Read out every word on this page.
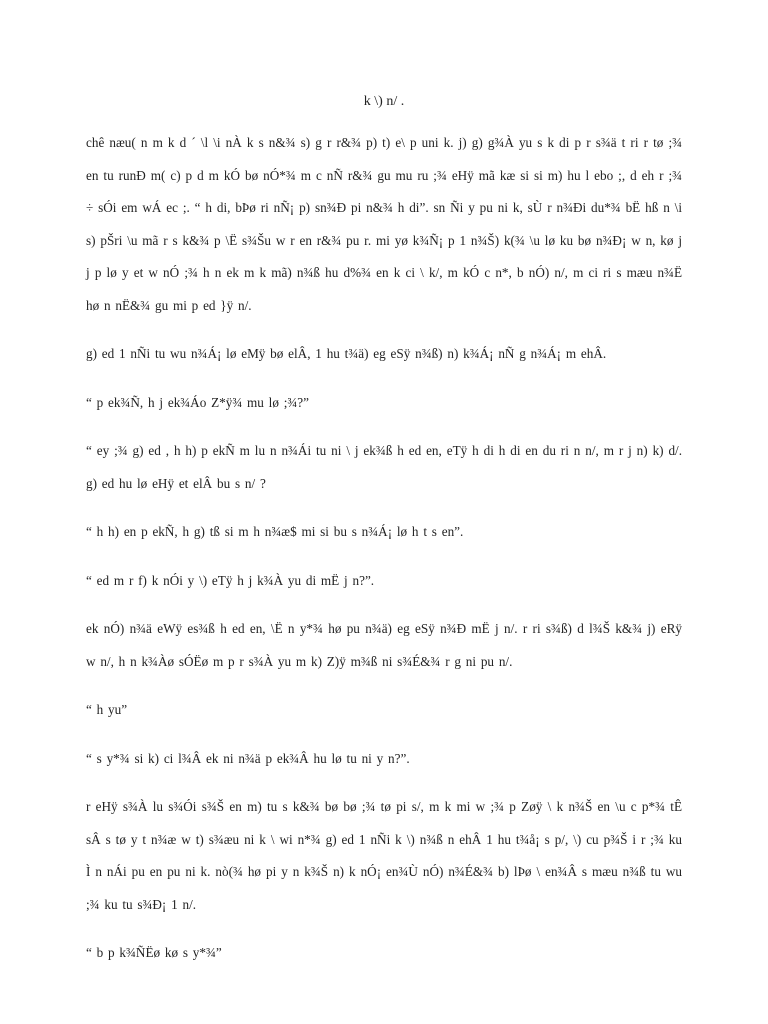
k \) n/ .

chê næu( n m k d ´ \l \i nÀ k s n&¾ s) g r r&¾ p) t) e\ p uni k. j) g) g¾À yu s k di p r s¾ä t ri r tø ;¾ en tu runÐ m( c) p d m kÓ bø nÓ*¾ m c nÑ r&¾ gu mu ru ;¾ eHÿ mã kæ si si m) hu l ebo ;, d eh r ;¾ ÷ sÓi em wÁ ec ;. “ h di, bÞø ri nÑ¡ p) sn¾Ð pi n&¾ h di”. sn Ñi y pu ni k, sÙ r n¾Ði du*¾ bË hß n \i s) pŠri \u mã r s k&¾ p \Ë s¾Šu w r en r&¾ pu r. mi yø k¾Ñ¡ p 1 n¾Š) k(¾ \u lø ku bø n¾Ð¡ w n, kø j j p lø y et w nÓ ;¾ h n ek m k mã) n¾ß hu d%¾ en k ci \ k/, m kÓ c n*, b nÓ) n/, m ci ri s mæu n¾Ë hø n nË&¾ gu mi p ed }ÿ n/.

g) ed 1 nÑi tu wu n¾Á¡ lø eMÿ bø elÂ, 1 hu t¾ä) eg eSÿ n¾ß) n) k¾Á¡ nÑ g n¾Á¡ m ehÂ.

“ p ek¾Ñ, h j ek¾Áo Z*ÿ¾ mu lø ;¾?”

“ ey ;¾ g) ed , h h) p ekÑ m lu n n¾Ái tu ni \ j ek¾ß h ed en, eTÿ h di h di en du ri n n/, m r j n) k) d/. g) ed hu lø eHÿ et elÂ bu s n/ ?

“ h h) en p ekÑ, h g) tß si m h n¾æ$ mi si bu s n¾Á¡ lø h t s en”.

“ ed m r f) k nÓi y \) eTÿ h j k¾À yu di mË j n?”.

ek nÓ) n¾ä eWÿ es¾ß h ed en, \Ë n y*¾ hø pu n¾ä) eg eSÿ n¾Ð mË j n/. r ri s¾ß) d l¾Š k&¾ j) eRÿ w n/, h n k¾Àø sÓËø m p r s¾À yu m k) Z)ÿ m¾ß ni s¾É&¾ r g ni pu n/.

“ h yu”

“ s y*¾ si k) ci l¾Â ek ni n¾ä p ek¾Â hu lø tu ni y n?”.

r eHÿ s¾À lu s¾Ói s¾Š en m) tu s k&¾ bø bø ;¾ tø pi s/, m k mi w ;¾ p Zøÿ \ k n¾Š en \u c p*¾ tÊ sÂ s tø y t n¾æ w t) s¾æu ni k \ wi n*¾ g) ed 1 nÑi k \) n¾ß n ehÂ 1 hu t¾å¡ s p/, \) cu p¾Š i r ;¾ ku Ì n nÁi pu en pu ni k. nò(¾ hø pi y n k¾Š n) k nÓ¡ en¾Ù nÓ) n¾É&¾ b) lÞø \ en¾Â s mæu n¾ß tu wu ;¾ ku tu s¾Ð¡ 1 n/.

“ b p k¾ÑËø kø s y*¾”
